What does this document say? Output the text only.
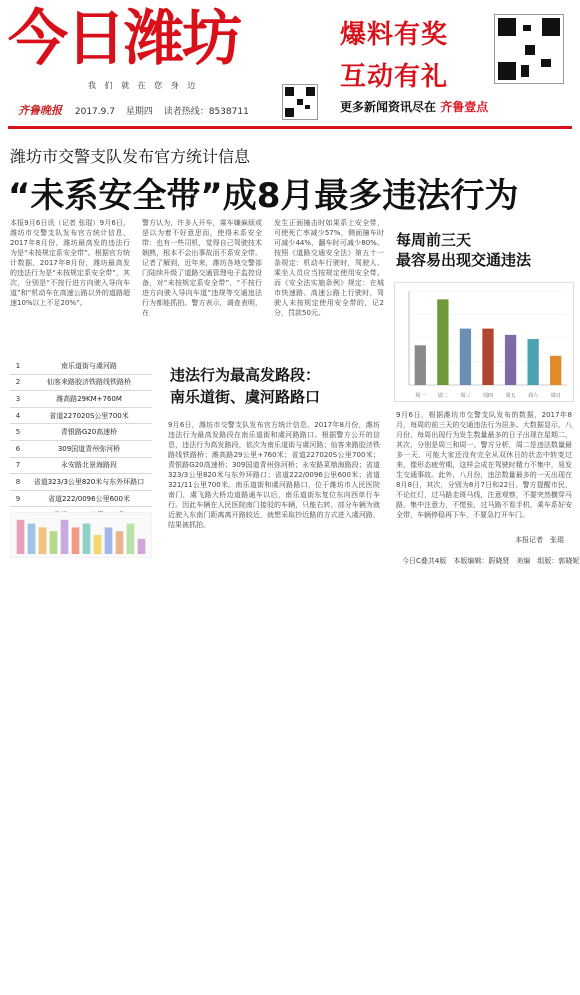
今日潍坊
我 们 就 在 您 身 边
齐鲁晚报 2017.9.7 星期四 读者热线：8538711
爆料有奖
互动有礼
更多新闻资讯尽在 齐鲁壹点
潍坊市交警支队发布官方统计信息
“未系安全带”成8月最多违法行为

本报9月6日讯（记者 张琨）9月6日，潍坊市交警支队发布官方统计信息，2017年8月份，潍坊最高发的违法行为是“未按规定系安全带”。根据官方统计数据，2017年8月份，潍坊最高发的违法行为是“未按规定系安全带”，其次，分别是“不按行进方向驶入导向车道”和“机动车在高速公路以外的道路超速10%以上不足20%”。

警方认为，许多人开车，乘车嫌麻烦或是以为着不好意思而，使得未系安全带：也有一些司机，觉得自己驾驶技术娴熟，根本不会出事故而不系安全带。记者了解到，近年来，潍坊各地交警部门陆续升级了道路交通管理电子监控设备，对“未按规定系安全带”、“不按行进方向驶入导向车道”违规等交通违法行为都能抓拍。警方表示，调查表明，在

发生正面撞击时如果系上安全带，可使死亡率减少57%，侧面撞车时可减少44%，翻车时可减少80%。按照《道路交通安全法》第五十一条规定：机动车行驶时，驾驶人、乘坐人员应当按规定使用安全带。而《安全法实施条例》规定：在城市快速路、高速公路上行驶时，驾驶人未按规定使用安全带的，记2分，罚款50元。

每周前三天
最容易出现交通违法
周一	周二	周三	周四	周五	周六	周日

9月6日，根据潍坊市交警支队发布的数据，2017年8月，每周的前三天的交通违法行为居多。大数据显示，八月份，每周出现行为发生数量最多的日子出现在星期二，其次，分别是周三和周一。警方分析，周二是违法数量最多一天，可能大家还没有完全从双休日的状态中转变过来，像形态疲劳期，这样会成在驾驶时精力不集中，易发生交通事故。此外，八月份，违法数量最多的一天出现在8月8日，其次，分别为8月7日和22日。警方提醒市民，不论红灯，过马路走斑马线，注意观察，不要突然横穿马路，集中注意力，不慌张，过马路不看手机，乘车系好安全带，车辆停稳再下车，不要急打开车门。

本报记者　张琨
1	南乐道街与虞河路
2	仙客来路胶济铁路线铁路桥
3	潍高路29KM+760M
4	省道227020S公里700米
5	青银路G20高速桥
6	309国道青州弥河桥
7	永安路北景海路段
8	省道323/3公里820米与东外环路口
9	省道222/0096公里600米
违法行为最高发路段：
南乐道街、虞河路路口

9月6日，潍坊市交警支队发布官方统计信息，2017年8月份，潍坊违法行为最高发路段在南乐道街和虞河路路口。根据警方公开的信息，违法行为高发路段，依次为南乐道街与虞河路；仙客来路胶济铁路线铁路桥；潍高路29公里+760米；省道227020S公里700米；青银路G20高速桥；309国道青州弥河桥；永安路菜鼎海路段；省道323/3公里820米与东外环路口；省道222/0096公里600米；省道321/11公里700米。南乐道街和虞河路路口，位于潍坊市人民医院南门，虞飞路大桥边道路通车以后，南乐道街东复位东向西单行车行。因此车辆在人民医院南门接驳的车辆，只能右转，部分车辆为就近驶入东南门距离离开路较近，就想采取抄近路的方式进入虞河路，结果被抓拍。

今日C叠共4版　本版编辑：蔚晓贤　美编　组版：郭晓妮
